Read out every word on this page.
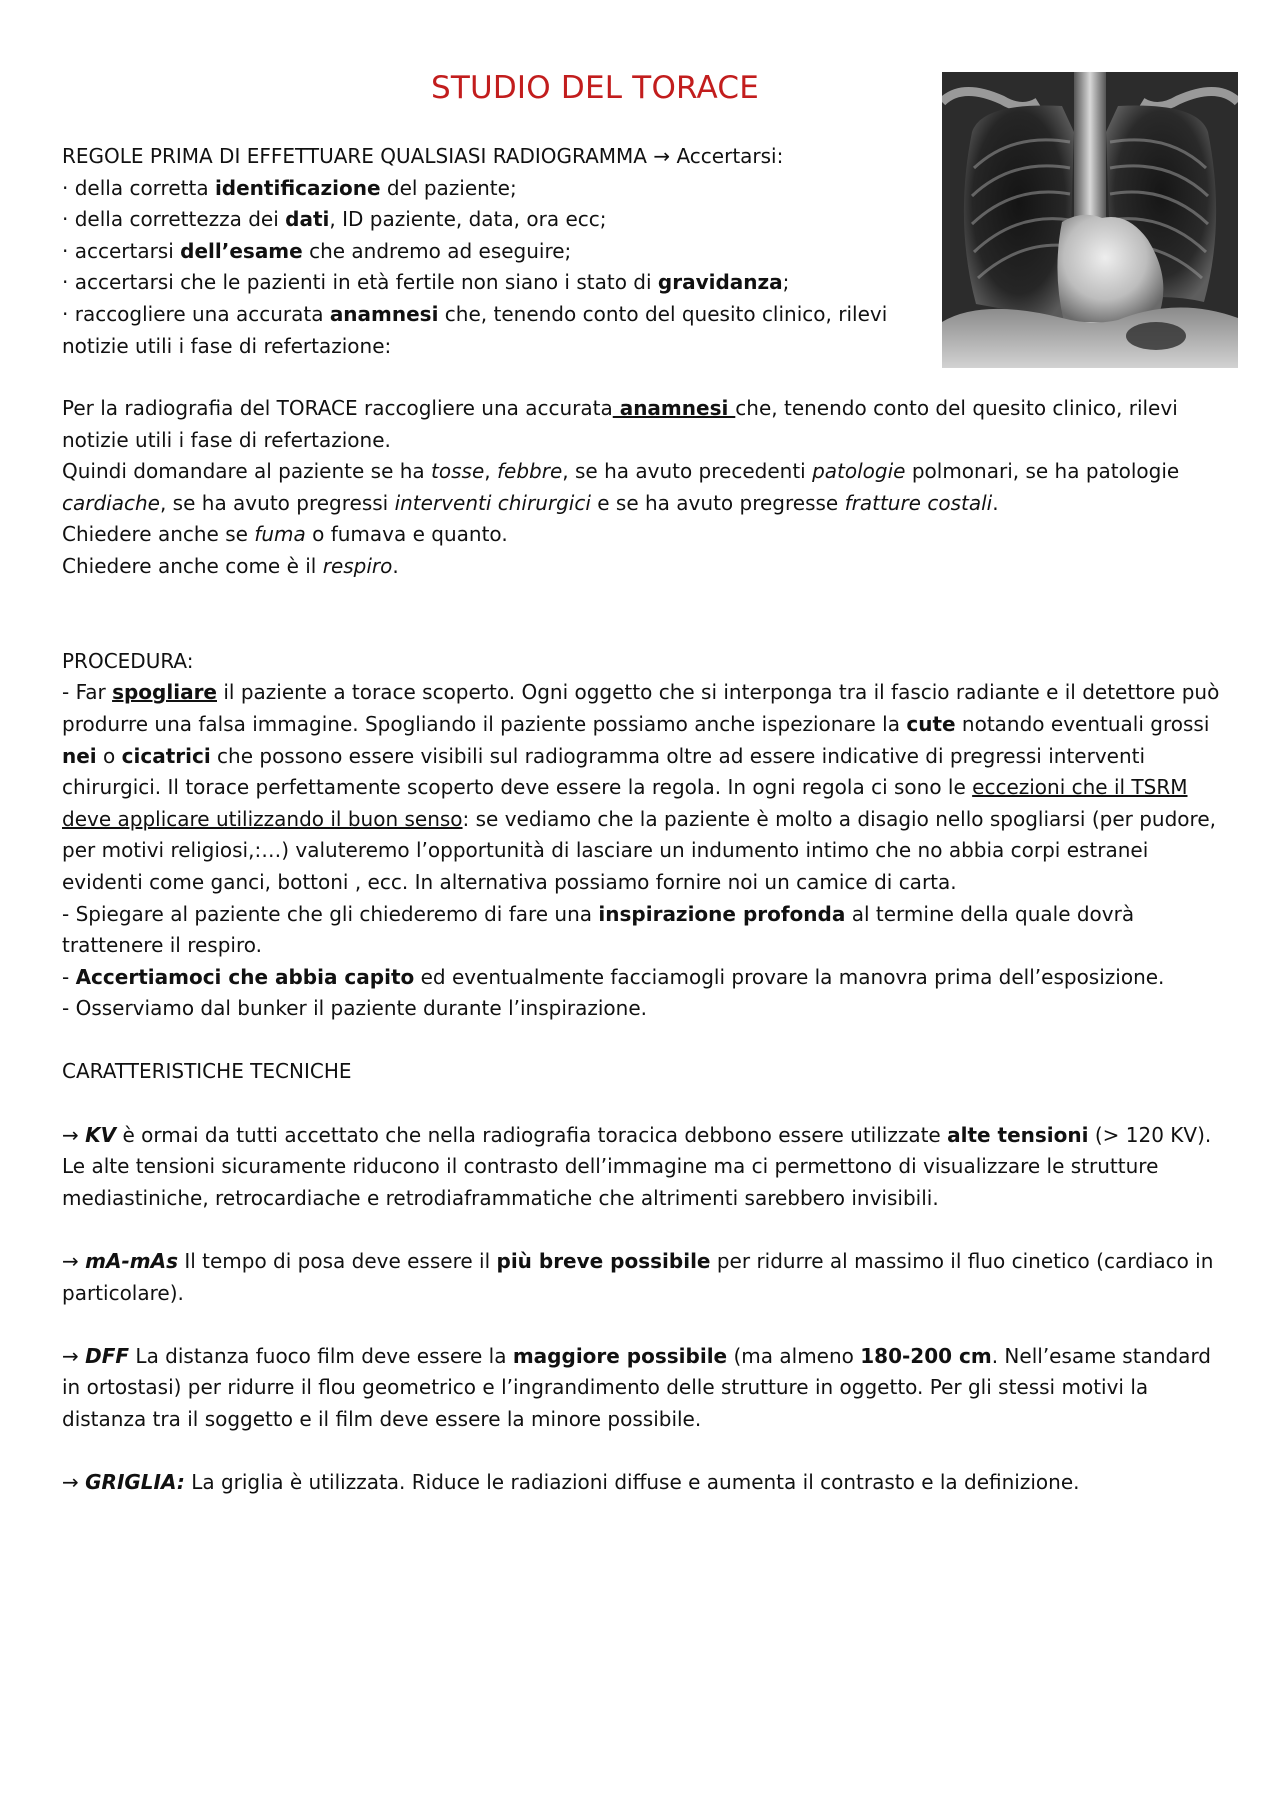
STUDIO DEL TORACE

REGOLE PRIMA DI EFFETTUARE QUALSIASI RADIOGRAMMA → Accertarsi:

· della corretta identificazione del paziente;

· della correttezza dei dati, ID paziente, data, ora ecc;

· accertarsi dell’esame che andremo ad eseguire;

· accertarsi che le pazienti in età fertile non siano i stato di gravidanza;

· raccogliere una accurata anamnesi che, tenendo conto del quesito clinico, rilevi notizie utili i fase di refertazione:

Per la radiografia del TORACE raccogliere una accurata anamnesi che, tenendo conto del quesito clinico, rilevi notizie utili i fase di refertazione.

Quindi domandare al paziente se ha tosse, febbre, se ha avuto precedenti patologie polmonari, se ha patologie cardiache, se ha avuto pregressi interventi chirurgici e se ha avuto pregresse fratture costali.

Chiedere anche se fuma o fumava e quanto.

Chiedere anche come è il respiro.

PROCEDURA:

- Far spogliare il paziente a torace scoperto. Ogni oggetto che si interponga tra il fascio radiante e il detettore può produrre una falsa immagine. Spogliando il paziente possiamo anche ispezionare la cute notando eventuali grossi nei o cicatrici che possono essere visibili sul radiogramma oltre ad essere indicative di pregressi interventi chirurgici. Il torace perfettamente scoperto deve essere la regola. In ogni regola ci sono le eccezioni che il TSRM deve applicare utilizzando il buon senso: se vediamo che la paziente è molto a disagio nello spogliarsi (per pudore, per motivi religiosi,:…) valuteremo l’opportunità di lasciare un indumento intimo che no abbia corpi estranei evidenti come ganci, bottoni , ecc. In alternativa possiamo fornire noi un camice di carta.

- Spiegare al paziente che gli chiederemo di fare una inspirazione profonda al termine della quale dovrà trattenere il respiro.

- Accertiamoci che abbia capito ed eventualmente facciamogli provare la manovra prima dell’esposizione.

- Osserviamo dal bunker il paziente durante l’inspirazione.

CARATTERISTICHE TECNICHE

→ KV è ormai da tutti accettato che nella radiografia toracica debbono essere utilizzate alte tensioni (> 120 KV). Le alte tensioni sicuramente riducono il contrasto dell’immagine ma ci permettono di visualizzare le strutture mediastiniche, retrocardiache e retrodiaframmatiche che altrimenti sarebbero invisibili.

→ mA-mAs Il tempo di posa deve essere il più breve possibile per ridurre al massimo il fluo cinetico (cardiaco in particolare).

→ DFF La distanza fuoco film deve essere la maggiore possibile (ma almeno 180-200 cm. Nell’esame standard in ortostasi) per ridurre il flou geometrico e l’ingrandimento delle strutture in oggetto. Per gli stessi motivi la distanza tra il soggetto e il film deve essere la minore possibile.

→ GRIGLIA: La griglia è utilizzata. Riduce le radiazioni diffuse e aumenta il contrasto e la definizione.
